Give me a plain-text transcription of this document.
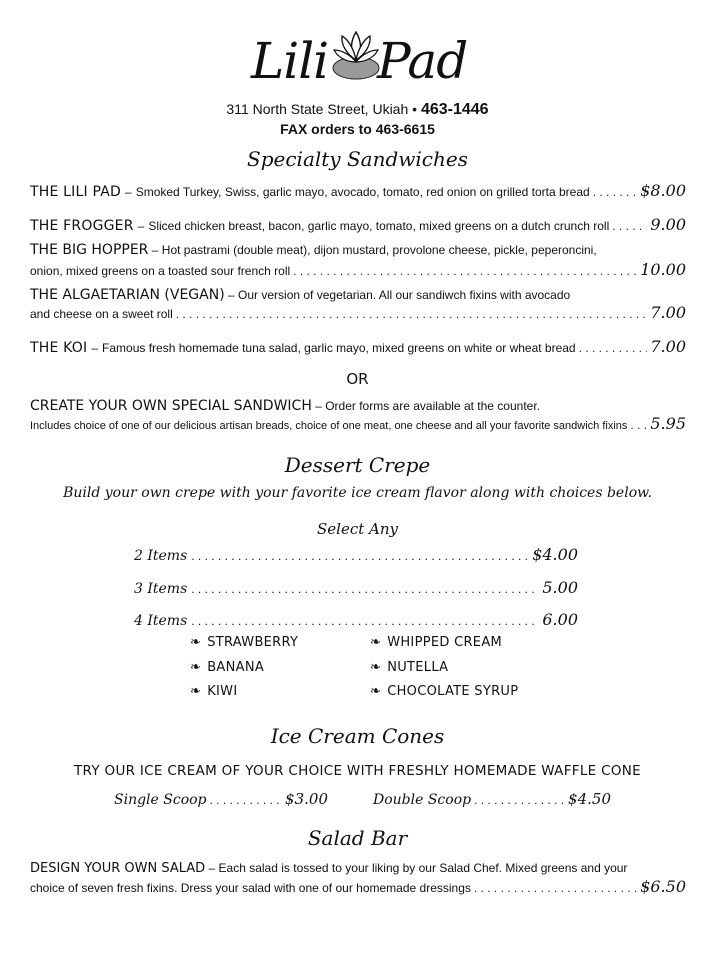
Lili Pad
311 North State Street, Ukiah • 463-1446
FAX orders to 463-6615
Specialty Sandwiches
THE LILI PAD – Smoked Turkey, Swiss, garlic mayo, avocado, tomato, red onion on grilled torta bread . . .	$8.00
THE FROGGER – Sliced chicken breast, bacon, garlic mayo, tomato, mixed greens on a dutch crunch roll . . .	9.00
THE BIG HOPPER – Hot pastrami (double meat), dijon mustard, provolone cheese, pickle, peperoncini,
onion, mixed greens on a toasted sour french roll . . .	10.00
THE ALGAETARIAN (VEGAN) – Our version of vegetarian. All our sandiwch fixins with avocado
and cheese on a sweet roll . . .	7.00
THE KOI – Famous fresh homemade tuna salad, garlic mayo, mixed greens on white or wheat bread . . .	7.00
OR
CREATE YOUR OWN SPECIAL SANDWICH – Order forms are available at the counter.
Includes choice of one of our delicious artisan breads, choice of one meat, one cheese and all your favorite sandwich fixins . . . 5.95
Dessert Crepe
Build your own crepe with your favorite ice cream flavor along with choices below.
Select Any
2 Items . . .	$4.00
3 Items . . .	5.00
4 Items . . .	6.00
❧ STRAWBERRY
❧ BANANA
❧ KIWI
❧ WHIPPED CREAM
❧ NUTELLA
❧ CHOCOLATE SYRUP
Ice Cream Cones
TRY OUR ICE CREAM OF YOUR CHOICE WITH FRESHLY HOMEMADE WAFFLE CONE
Single Scoop . . .	$3.00	Double Scoop . . .	$4.50
Salad Bar
DESIGN YOUR OWN SALAD – Each salad is tossed to your liking by our Salad Chef. Mixed greens and your
choice of seven fresh fixins. Dress your salad with one of our homemade dressings . . .	$6.50
